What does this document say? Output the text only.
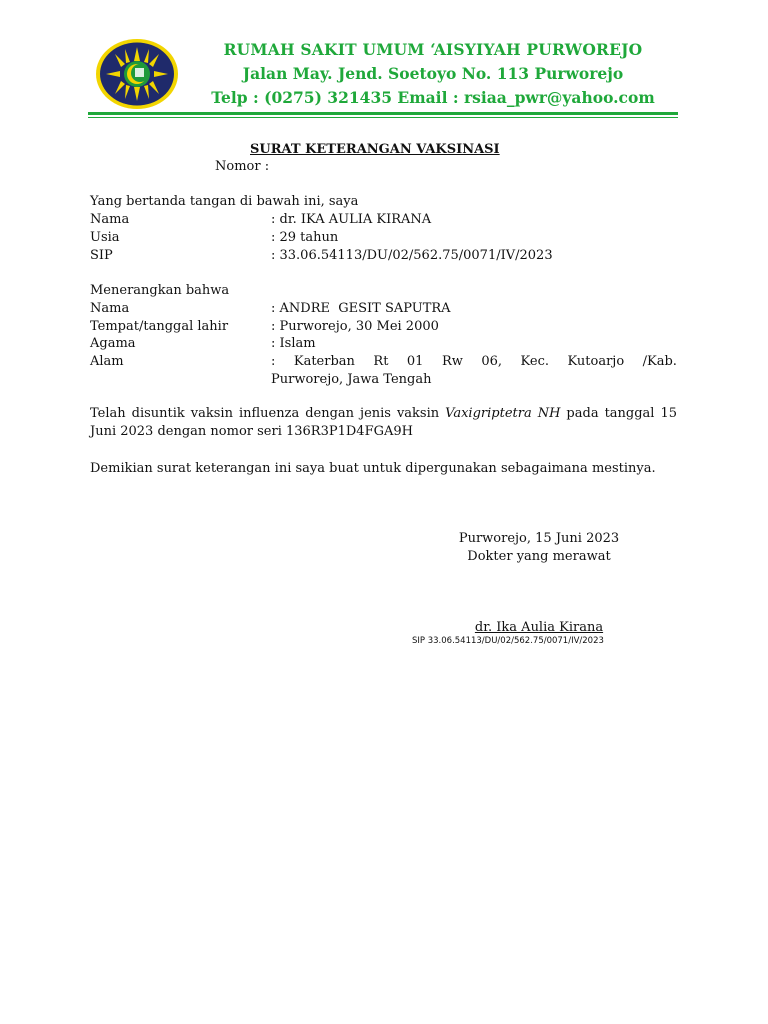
RUMAH SAKIT UMUM ‘AISYIYAH PURWOREJO
Jalan May. Jend. Soetoyo No. 113 Purworejo
Telp : (0275) 321435 Email : rsiaa_pwr@yahoo.com
SURAT KETERANGAN VAKSINASI
Nomor :
Yang bertanda tangan di bawah ini, saya
Nama	: dr. IKA AULIA KIRANA
Usia	: 29 tahun
SIP	: 33.06.54113/DU/02/562.75/0071/IV/2023
Menerangkan bahwa
Nama	: ANDRE  GESIT SAPUTRA
Tempat/tanggal lahir	: Purworejo, 30 Mei 2000
Agama	: Islam
Alam	: Katerban Rt 01 Rw 06, Kec. Kutoarjo /Kab.
Purworejo, Jawa Tengah
Telah disuntik vaksin influenza dengan jenis vaksin Vaxigriptetra NH pada tanggal 15 Juni 2023 dengan nomor seri 136R3P1D4FGA9H
Demikian surat keterangan ini saya buat untuk dipergunakan sebagaimana mestinya.
Purworejo, 15 Juni 2023
Dokter yang merawat
dr. Ika Aulia Kirana
SIP 33.06.54113/DU/02/562.75/0071/IV/2023
